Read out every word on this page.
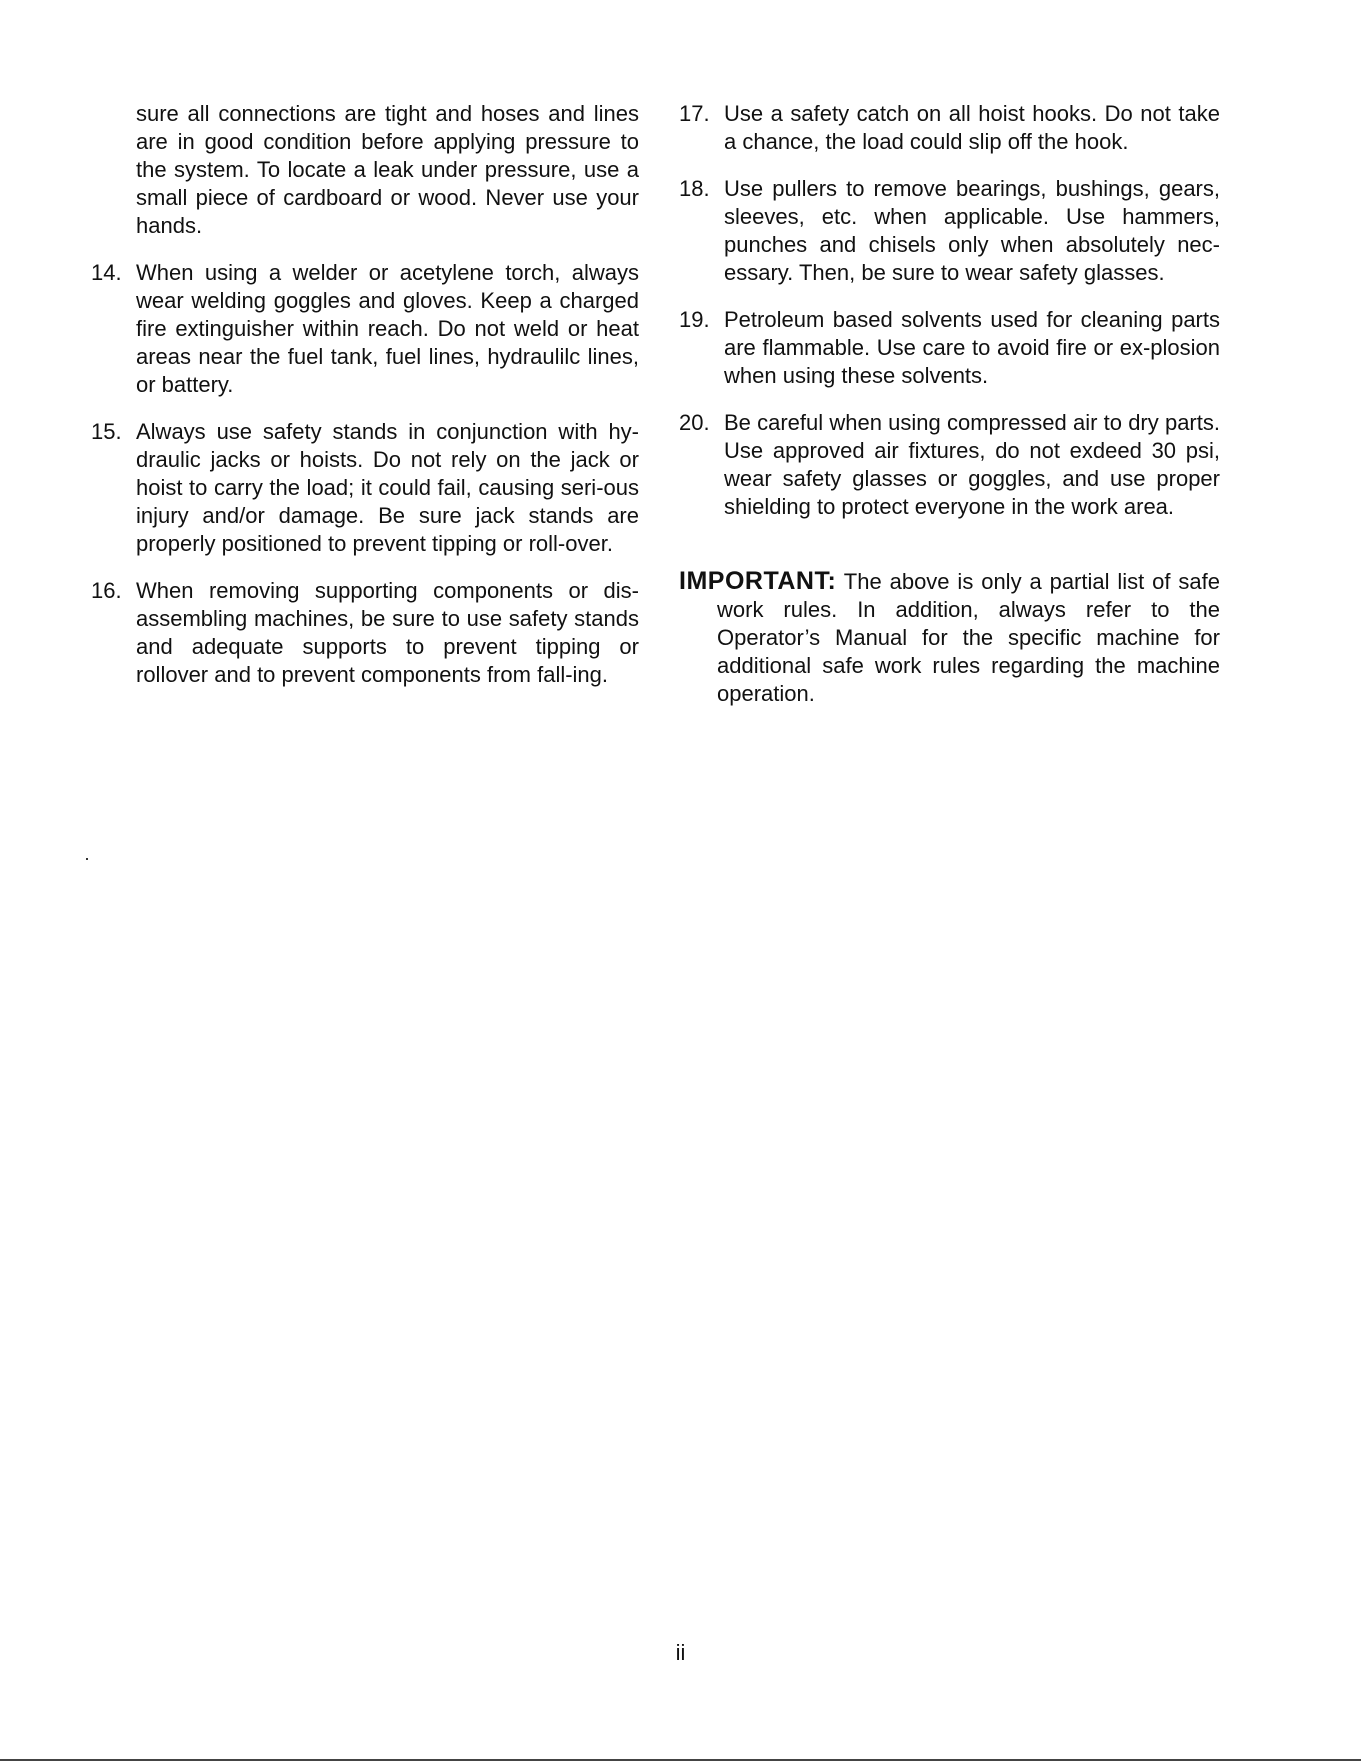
sure all connections are tight and hoses and lines are in good condition before applying pressure to the system. To locate a leak under pressure, use a small piece of cardboard or wood. Never use your hands.

14. When using a welder or acetylene torch, always wear welding goggles and gloves. Keep a charged fire extinguisher within reach. Do not weld or heat areas near the fuel tank, fuel lines, hydraulilc lines, or battery.
15. Always use safety stands in conjunction with hy-draulic jacks or hoists. Do not rely on the jack or hoist to carry the load; it could fail, causing seri-ous injury and/or damage. Be sure jack stands are properly positioned to prevent tipping or roll-over.
16. When removing supporting components or dis-assembling machines, be sure to use safety stands and adequate supports to prevent tipping or rollover and to prevent components from fall-ing.
17. Use a safety catch on all hoist hooks. Do not take a chance, the load could slip off the hook.
18. Use pullers to remove bearings, bushings, gears, sleeves, etc. when applicable. Use hammers, punches and chisels only when absolutely nec-essary. Then, be sure to wear safety glasses.
19. Petroleum based solvents used for cleaning parts are flammable. Use care to avoid fire or ex-plosion when using these solvents.
20. Be careful when using compressed air to dry parts. Use approved air fixtures, do not exdeed 30 psi, wear safety glasses or goggles, and use proper shielding to protect everyone in the work area.

IMPORTANT: The above is only a partial list of safe work rules. In addition, always refer to the Operator’s Manual for the specific machine for additional safe work rules regarding the machine operation.

ii
